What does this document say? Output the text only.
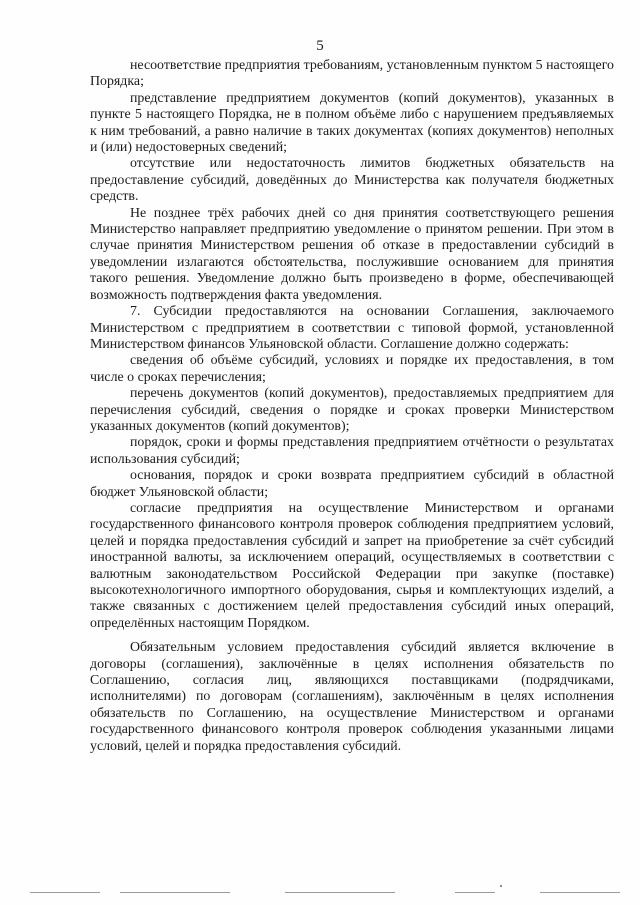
5

несоответствие предприятия требованиям, установленным пунктом 5 настоящего Порядка;

представление предприятием документов (копий документов), указанных в пункте 5 настоящего Порядка, не в полном объёме либо с нарушением предъявляемых к ним требований, а равно наличие в таких документах (копиях документов) неполных и (или) недостоверных сведений;

отсутствие или недостаточность лимитов бюджетных обязательств на предоставление субсидий, доведённых до Министерства как получателя бюджетных средств.

Не позднее трёх рабочих дней со дня принятия соответствующего решения Министерство направляет предприятию уведомление о принятом решении. При этом в случае принятия Министерством решения об отказе в предоставлении субсидий в уведомлении излагаются обстоятельства, послужившие основанием для принятия такого решения. Уведомление должно быть произведено в форме, обеспечивающей возможность подтверждения факта уведомления.

7. Субсидии предоставляются на основании Соглашения, заключаемого Министерством с предприятием в соответствии с типовой формой, установленной Министерством финансов Ульяновской области. Соглашение должно содержать:

сведения об объёме субсидий, условиях и порядке их предоставления, в том числе о сроках перечисления;

перечень документов (копий документов), предоставляемых предприятием для перечисления субсидий, сведения о порядке и сроках проверки Министерством указанных документов (копий документов);

порядок, сроки и формы представления предприятием отчётности о результатах использования субсидий;

основания, порядок и сроки возврата предприятием субсидий в областной бюджет Ульяновской области;

согласие предприятия на осуществление Министерством и органами государственного финансового контроля проверок соблюдения предприятием условий, целей и порядка предоставления субсидий и запрет на приобретение за счёт субсидий иностранной валюты, за исключением операций, осуществляемых в соответствии с валютным законодательством Российской Федерации при закупке (поставке) высокотехнологичного импортного оборудования, сырья и комплектующих изделий, а также связанных с достижением целей предоставления субсидий иных операций, определённых настоящим Порядком.

Обязательным условием предоставления субсидий является включение в договоры (соглашения), заключённые в целях исполнения обязательств по Соглашению, согласия лиц, являющихся поставщиками (подрядчиками, исполнителями) по договорам (соглашениям), заключённым в целях исполнения обязательств по Соглашению, на осуществление Министерством и органами государственного финансового контроля проверок соблюдения указанными лицами условий, целей и порядка предоставления субсидий.
